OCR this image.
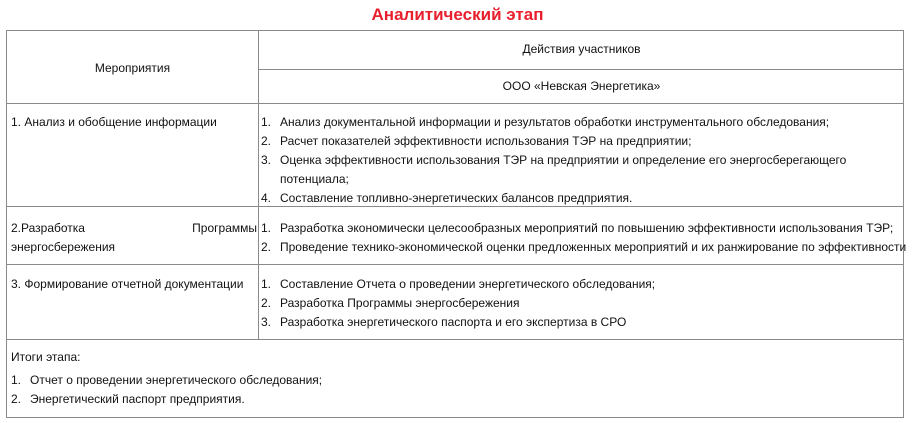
Аналитический этап
Мероприятия
Действия участников
ООО «Невская Энергетика»
1. Анализ и обобщение информации	1. Анализ документальной информации и результатов обработки инструментального обследования;
2. Расчет показателей эффективности использования ТЭР на предприятии;
3. Оценка эффективности использования ТЭР на предприятии и определение его энергосберегающего
потенциала;
4. Составление топливно-энергетических балансов предприятия.
2.Разработка	Программы
энергосбережения
1. Разработка экономически целесообразных мероприятий по повышению эффективности использования ТЭР;
2. Проведение технико-экономической оценки предложенных мероприятий и их ранжирование по эффективности
3. Формирование отчетной документации 1. Составление Отчета о проведении энергетического обследования;
2. Разработка Программы энергосбережения
3. Разработка энергетического паспорта и его экспертиза в СРО
Итоги этапа:
1. Отчет о проведении энергетического обследования;
2. Энергетический паспорт предприятия.
